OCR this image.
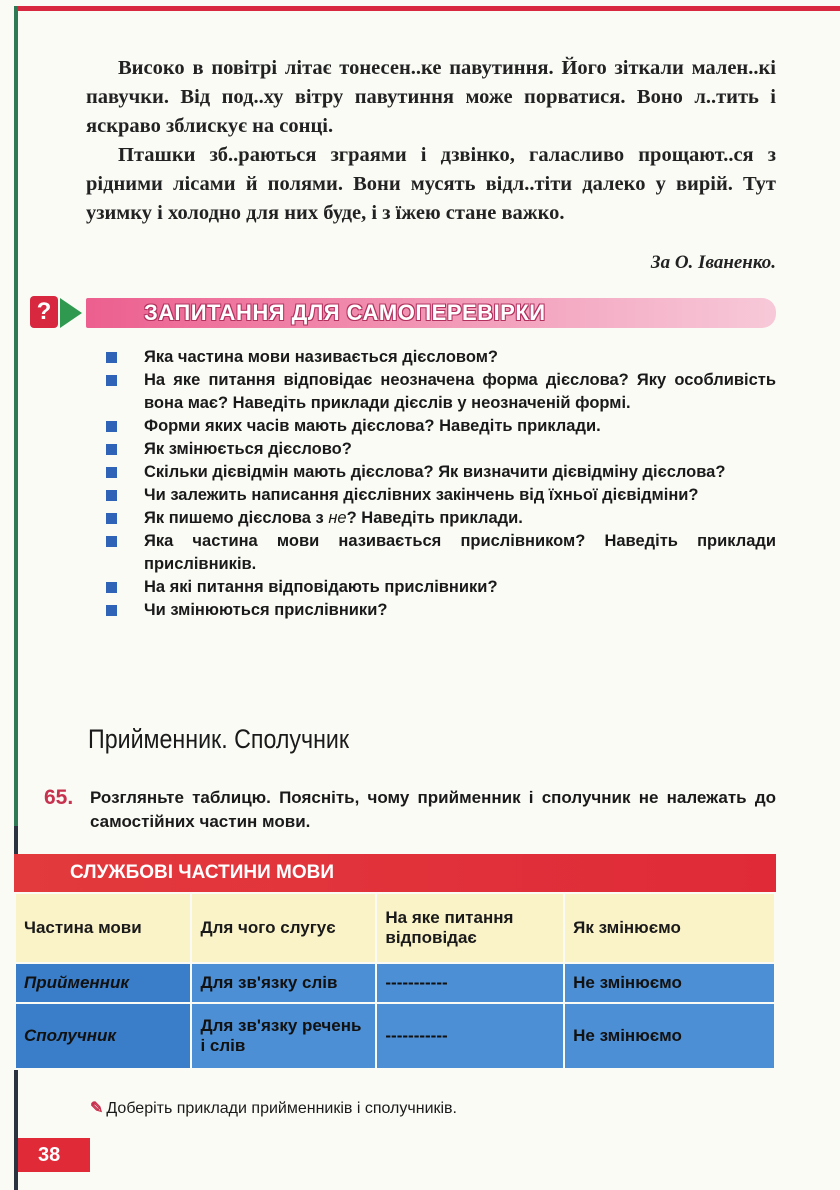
Високо в повітрі літає тонесен..ке павутиння. Його зіткали мален..кі павучки. Від под..ху вітру павутиння може порватися. Воно л..тить і яскраво зблискує на сонці.

Пташки зб..раються зграями і дзвінко, галасливо прощают..ся з рідними лісами й полями. Вони мусять відл..тіти далеко у вирій. Тут узимку і холодно для них буде, і з їжею стане важко.

За О. Іваненко.
?	ЗАПИТАННЯ ДЛЯ САМОПЕРЕВІРКИ
Яка частина мови називається дієсловом?
На яке питання відповідає неозначена форма дієслова? Яку особливість вона має? Наведіть приклади дієслів у неозначеній формі.
Форми яких часів мають дієслова? Наведіть приклади.
Як змінюється дієслово?
Скільки дієвідмін мають дієслова? Як визначити дієвідміну дієслова?
Чи залежить написання дієслівних закінчень від їхньої дієвідміни?
Як пишемо дієслова з не? Наведіть приклади.
Яка частина мови називається прислівником? Наведіть приклади прислівників.
На які питання відповідають прислівники?
Чи змінюються прислівники?
Прийменник. Сполучник
65. Розгляньте таблицю. Поясніть, чому прийменник і сполучник не належать до самостійних частин мови.
СЛУЖБОВІ ЧАСТИНИ МОВИ
Частина мови	Для чого слугує	На яке питання відповідає	Як змінюємо
Прийменник	Для зв'язку слів	-----------	Не змінюємо
Сполучник	Для зв'язку речень і слів	-----------	Не змінюємо
✎ Доберіть приклади прийменників і сполучників.
38
